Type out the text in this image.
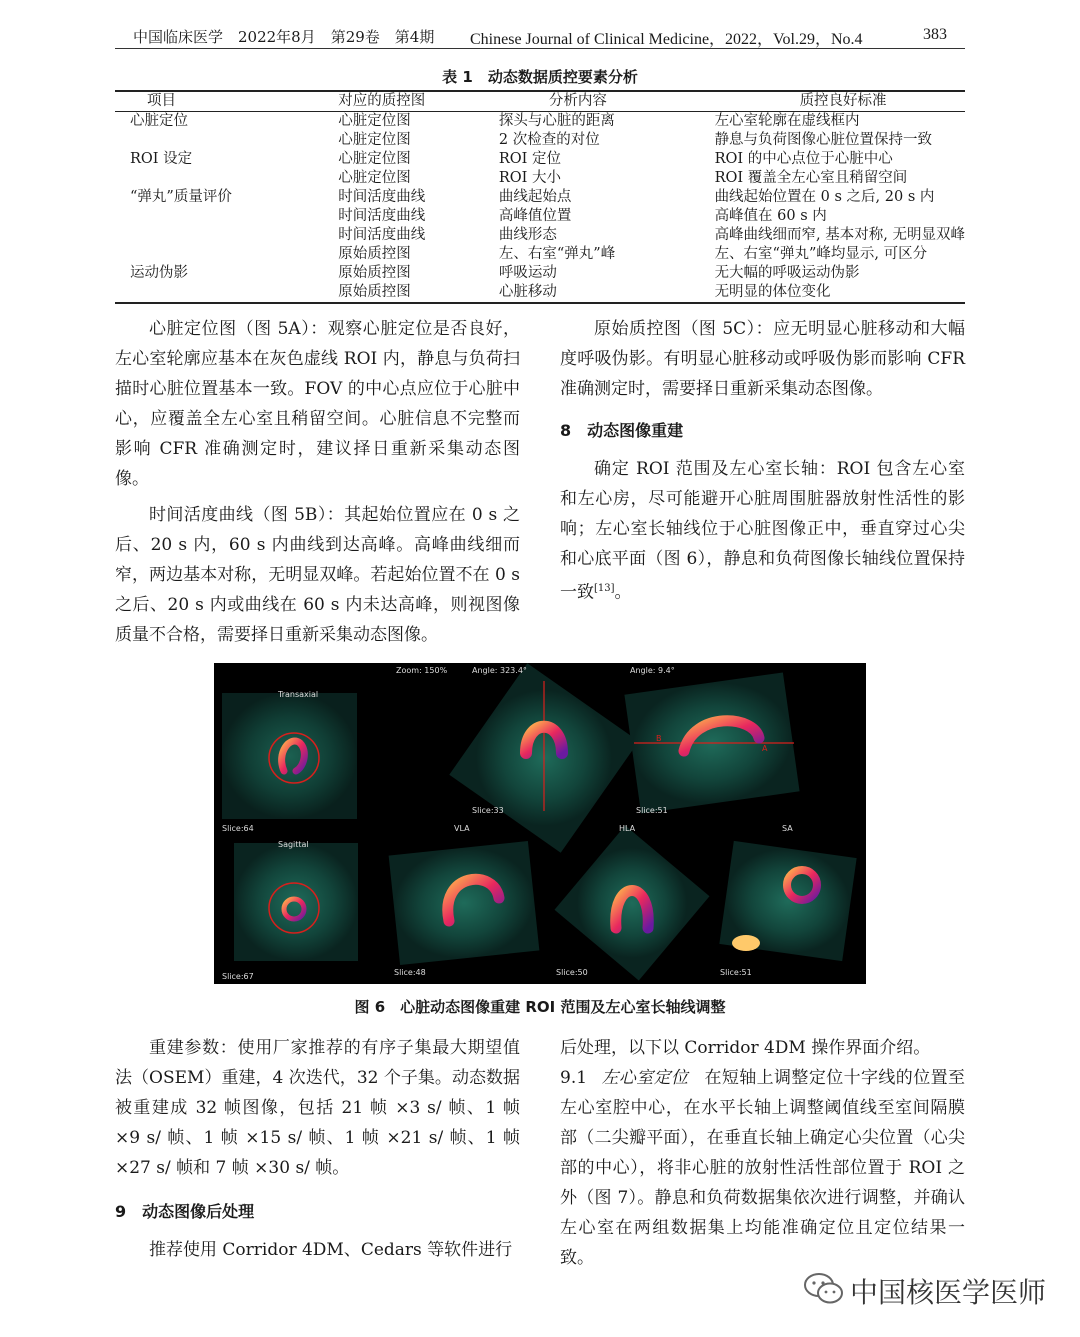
中国临床医学　2022年8月　第29卷　第4期 Chinese Journal of Clinical Medicine，2022，Vol.29，No.4	383
表 1　动态数据质控要素分析
项目	对应的质控图	分析内容	质控良好标准
心脏定位	心脏定位图	探头与心脏的距离	左心室轮廓在虚线框内
	心脏定位图	2 次检查的对位	静息与负荷图像心脏位置保持一致
ROI 设定	心脏定位图	ROI 定位	ROI 的中心点位于心脏中心
	心脏定位图	ROI 大小	ROI 覆盖全左心室且稍留空间
“弹丸”质量评价	时间活度曲线	曲线起始点	曲线起始位置在 0 s 之后, 20 s 内
	时间活度曲线	高峰值位置	高峰值在 60 s 内
	时间活度曲线	曲线形态	高峰曲线细而窄, 基本对称, 无明显双峰
	原始质控图	左、右室“弹丸”峰	左、右室“弹丸”峰均显示, 可区分
运动伪影	原始质控图	呼吸运动	无大幅的呼吸运动伪影
	原始质控图	心脏移动	无明显的体位变化

心脏定位图（图 5A）：观察心脏定位是否良好，左心室轮廓应基本在灰色虚线 ROI 内，静息与负荷扫描时心脏位置基本一致。FOV 的中心点应位于心脏中心，应覆盖全左心室且稍留空间。心脏信息不完整而影响 CFR 准确测定时，建议择日重新采集动态图像。

时间活度曲线（图 5B）：其起始位置应在 0 s 之后、20 s 内，60 s 内曲线到达高峰。高峰曲线细而窄，两边基本对称，无明显双峰。若起始位置不在 0 s 之后、20 s 内或曲线在 60 s 内未达高峰，则视图像质量不合格，需要择日重新采集动态图像。

原始质控图（图 5C）：应无明显心脏移动和大幅度呼吸伪影。有明显心脏移动或呼吸伪影而影响 CFR 准确测定时，需要择日重新采集动态图像。

8　动态图像重建

确定 ROI 范围及左心室长轴：ROI 包含左心室和左心房，尽可能避开心脏周围脏器放射性活性的影响；左心室长轴线位于心脏图像正中，垂直穿过心尖和心底平面（图 6），静息和负荷图像长轴线位置保持一致[13]。

Zoom: 150%	Angle: 323.4°	Angle: 9.4°
Transaxial
Sagittal
Slice:64
Slice:33	Slice:51
VLA	HLA	SA
Slice:67	Slice:48	Slice:50	Slice:51
A
B
图 6　心脏动态图像重建 ROI 范围及左心室长轴线调整

重建参数：使用厂家推荐的有序子集最大期望值法（OSEM）重建，4 次迭代，32 个子集。动态数据被重建成 32 帧图像，包括 21 帧 ×3 s/ 帧、1 帧 ×9 s/ 帧、1 帧 ×15 s/ 帧、1 帧 ×21 s/ 帧、1 帧 ×27 s/ 帧和 7 帧 ×30 s/ 帧。

9　动态图像后处理

推荐使用 Corridor 4DM、Cedars 等软件进行

后处理，以下以 Corridor 4DM 操作界面介绍。

9.1 左心室定位 在短轴上调整定位十字线的位置至左心室腔中心，在水平长轴上调整阈值线至室间隔膜部（二尖瓣平面），在垂直长轴上确定心尖位置（心尖部的中心），将非心脏的放射性活性部位置于 ROI 之外（图 7）。静息和负荷数据集依次进行调整，并确认左心室在两组数据集上均能准确定位且定位结果一致。

中国核医学医师
